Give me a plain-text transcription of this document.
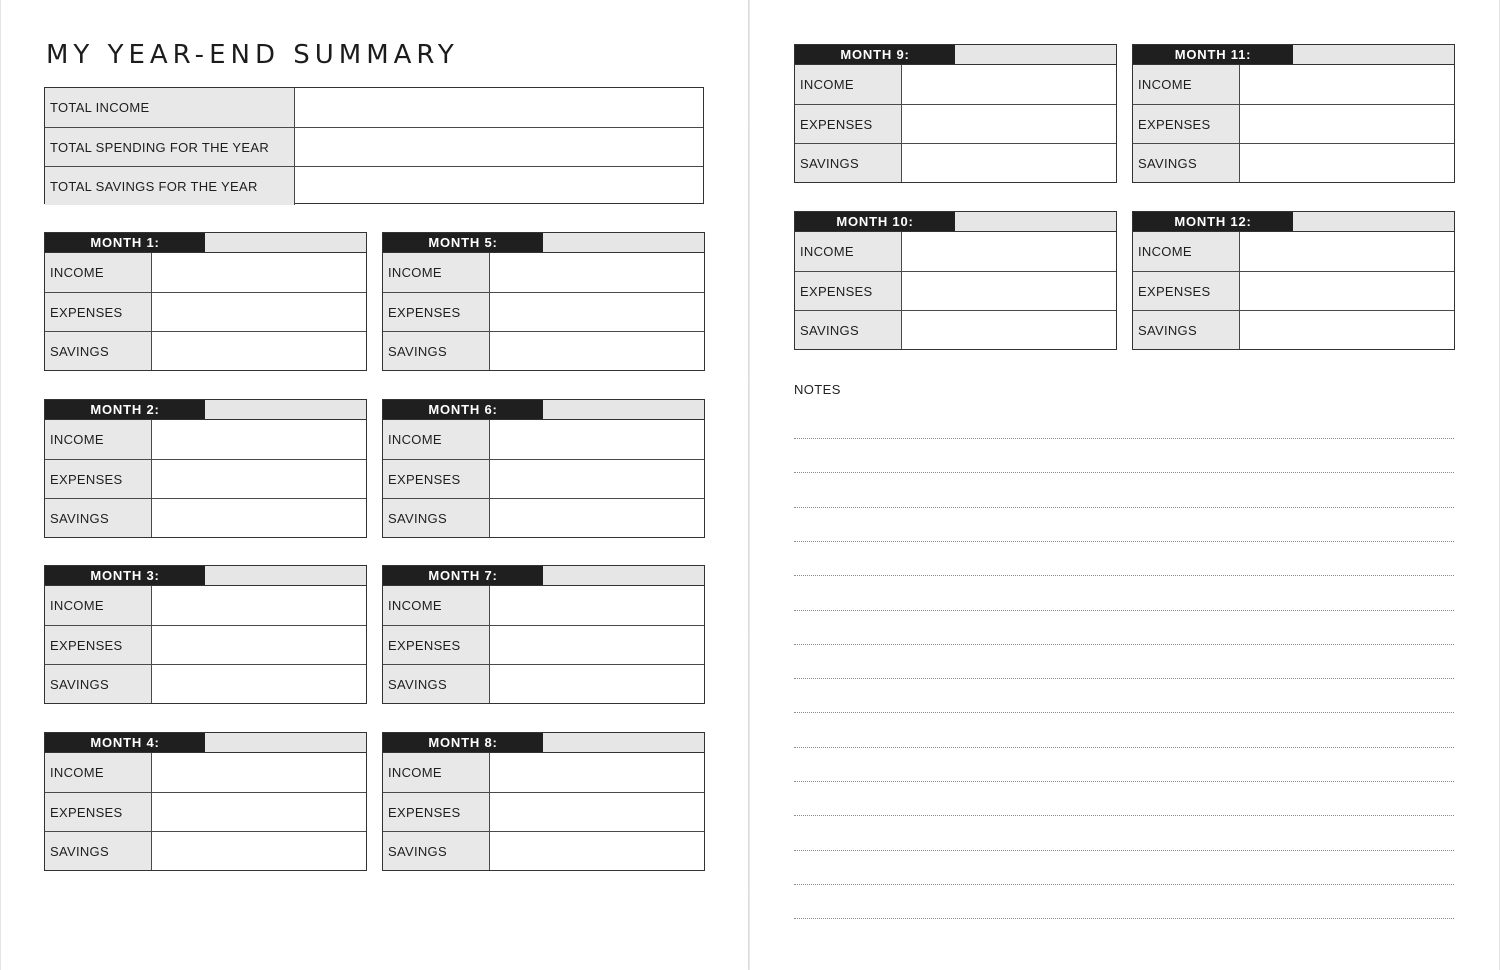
MY YEAR-END SUMMARY
TOTAL INCOME
TOTAL SPENDING FOR THE YEAR
TOTAL SAVINGS FOR THE YEAR
MONTH 1:
INCOME
EXPENSES
SAVINGS
MONTH 2:
INCOME
EXPENSES
SAVINGS
MONTH 3:
INCOME
EXPENSES
SAVINGS
MONTH 4:
INCOME
EXPENSES
SAVINGS
MONTH 5:
INCOME
EXPENSES
SAVINGS
MONTH 6:
INCOME
EXPENSES
SAVINGS
MONTH 7:
INCOME
EXPENSES
SAVINGS
MONTH 8:
INCOME
EXPENSES
SAVINGS
MONTH 9:
INCOME
EXPENSES
SAVINGS
MONTH 10:
INCOME
EXPENSES
SAVINGS
MONTH 11:
INCOME
EXPENSES
SAVINGS
MONTH 12:
INCOME
EXPENSES
SAVINGS
NOTES
